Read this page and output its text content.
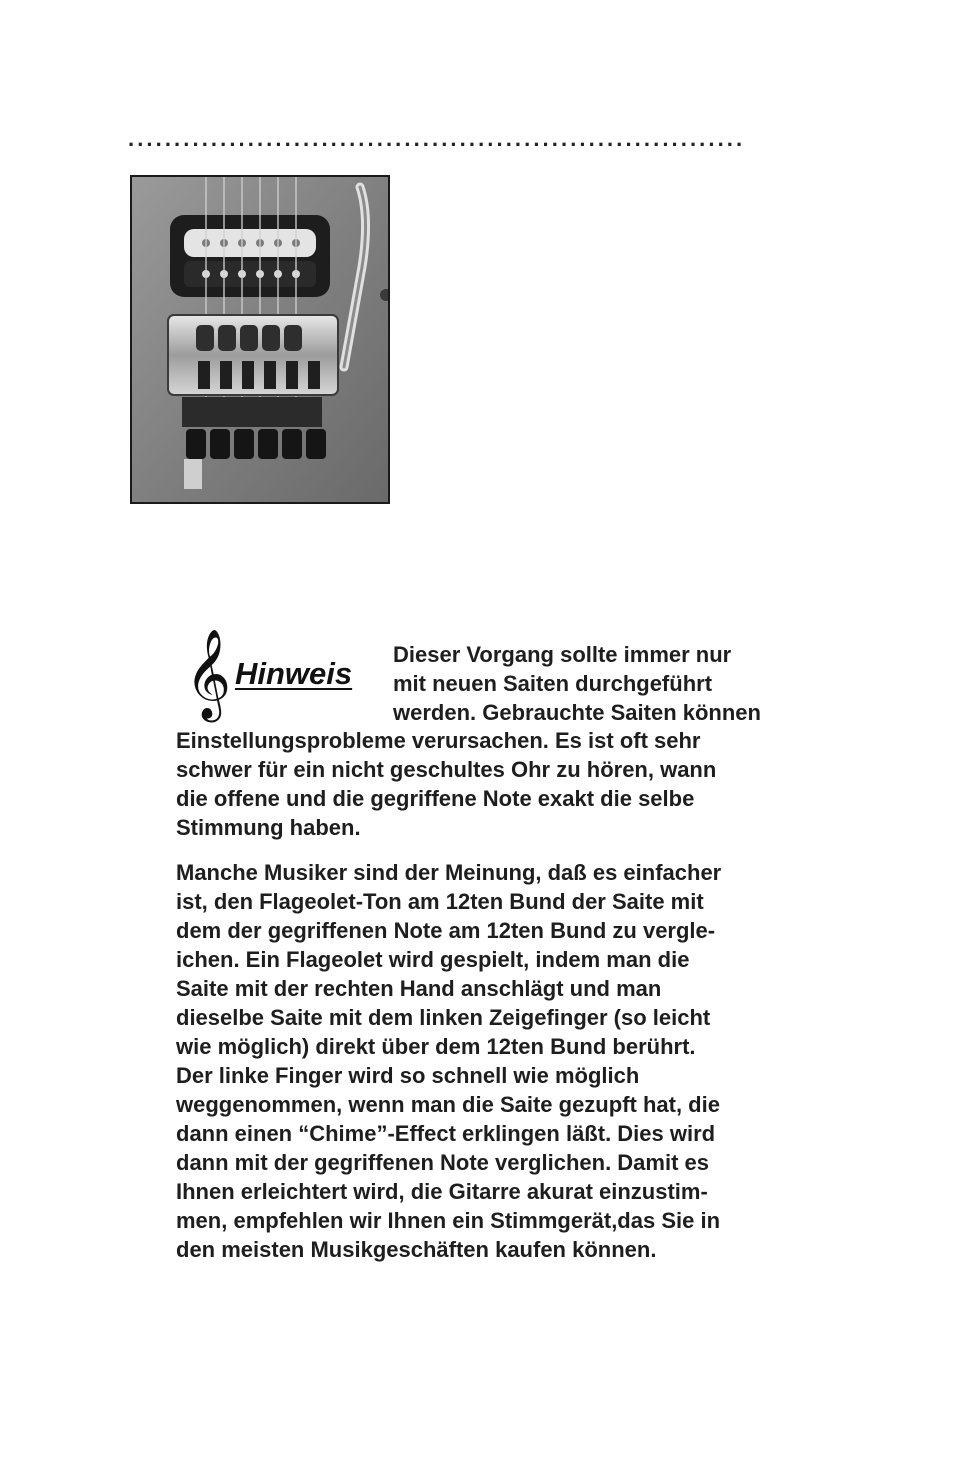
...................................................................
𝄞 Hinweis
Dieser Vorgang sollte immer nur
mit neuen Saiten durchgeführt
werden. Gebrauchte Saiten können
Einstellungsprobleme verursachen. Es ist oft sehr
schwer für ein nicht geschultes Ohr zu hören, wann
die offene und die gegriffene Note exakt die selbe
Stimmung haben.
Manche Musiker sind der Meinung, daß es einfacher
ist, den Flageolet-Ton am 12ten Bund der Saite mit
dem der gegriffenen Note am 12ten Bund zu vergle-
ichen. Ein Flageolet wird gespielt, indem man die
Saite mit der rechten Hand anschlägt und man
dieselbe Saite mit dem linken Zeigefinger (so leicht
wie möglich) direkt über dem 12ten Bund berührt.
Der linke Finger wird so schnell wie möglich
weggenommen, wenn man die Saite gezupft hat, die
dann einen “Chime”-Effect erklingen läßt. Dies wird
dann mit der gegriffenen Note verglichen. Damit es
Ihnen erleichtert wird, die Gitarre akurat einzustim-
men, empfehlen wir Ihnen ein Stimmgerät,das Sie in
den meisten Musikgeschäften kaufen können.
